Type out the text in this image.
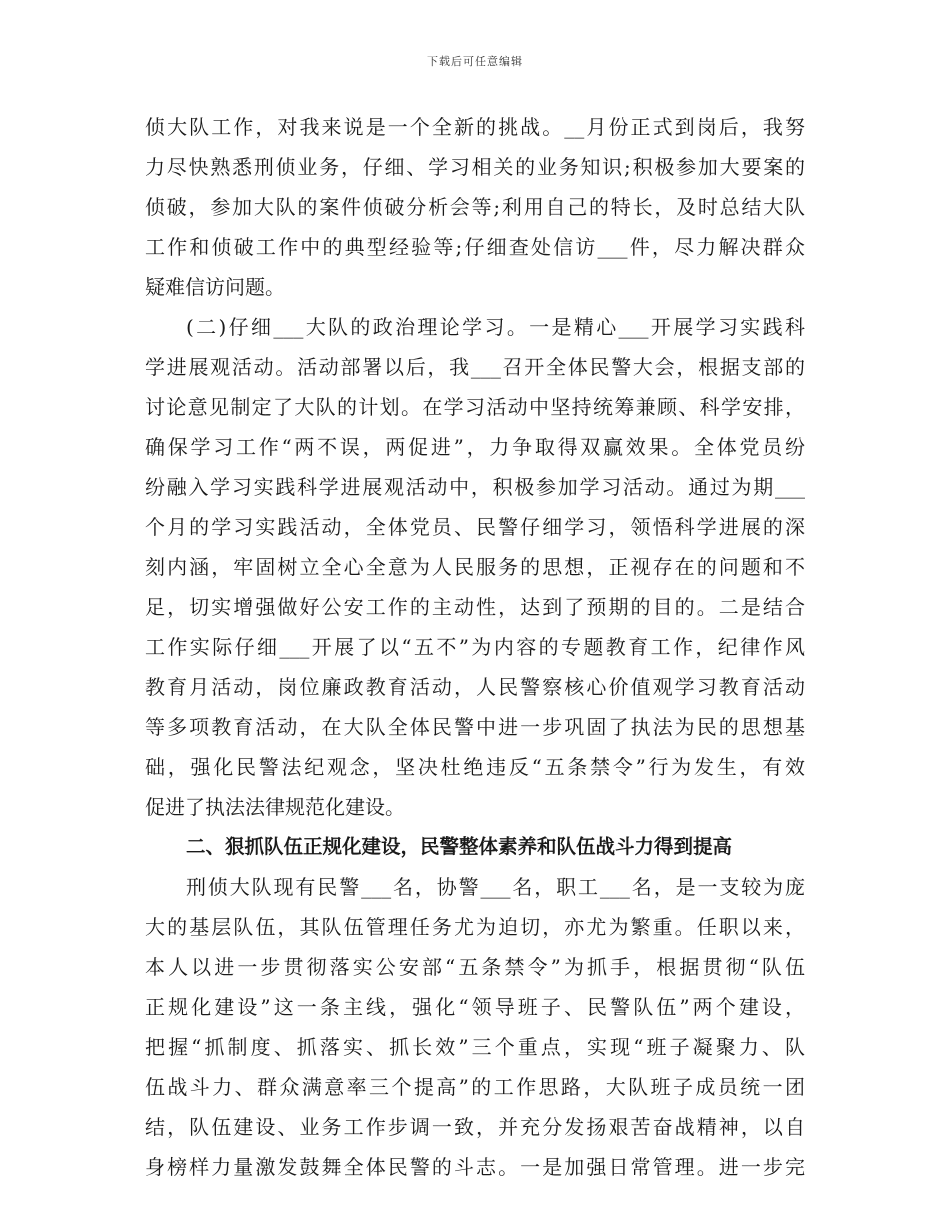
下载后可任意编辑
侦大队工作，对我来说是一个全新的挑战。__月份正式到岗后，我努
力尽快熟悉刑侦业务，仔细、学习相关的业务知识;积极参加大要案的
侦破，参加大队的案件侦破分析会等;利用自己的特长，及时总结大队
工作和侦破工作中的典型经验等;仔细查处信访___件，尽力解决群众
疑难信访问题。
(二)仔细___大队的政治理论学习。一是精心___开展学习实践科
学进展观活动。活动部署以后，我___召开全体民警大会，根据支部的
讨论意见制定了大队的计划。在学习活动中坚持统筹兼顾、科学安排，
确保学习工作“两不误，两促进”，力争取得双赢效果。全体党员纷
纷融入学习实践科学进展观活动中，积极参加学习活动。通过为期___
个月的学习实践活动，全体党员、民警仔细学习，领悟科学进展的深
刻内涵，牢固树立全心全意为人民服务的思想，正视存在的问题和不
足，切实增强做好公安工作的主动性，达到了预期的目的。二是结合
工作实际仔细___开展了以“五不”为内容的专题教育工作，纪律作风
教育月活动，岗位廉政教育活动，人民警察核心价值观学习教育活动
等多项教育活动，在大队全体民警中进一步巩固了执法为民的思想基
础，强化民警法纪观念，坚决杜绝违反“五条禁令”行为发生，有效
促进了执法法律规范化建设。
二、狠抓队伍正规化建设，民警整体素养和队伍战斗力得到提高
刑侦大队现有民警___名，协警___名，职工___名，是一支较为庞
大的基层队伍，其队伍管理任务尤为迫切，亦尤为繁重。任职以来，
本人以进一步贯彻落实公安部“五条禁令”为抓手，根据贯彻“队伍
正规化建设”这一条主线，强化“领导班子、民警队伍”两个建设，
把握“抓制度、抓落实、抓长效”三个重点，实现“班子凝聚力、队
伍战斗力、群众满意率三个提高”的工作思路，大队班子成员统一团
结，队伍建设、业务工作步调一致，并充分发扬艰苦奋战精神，以自
身榜样力量激发鼓舞全体民警的斗志。一是加强日常管理。进一步完
